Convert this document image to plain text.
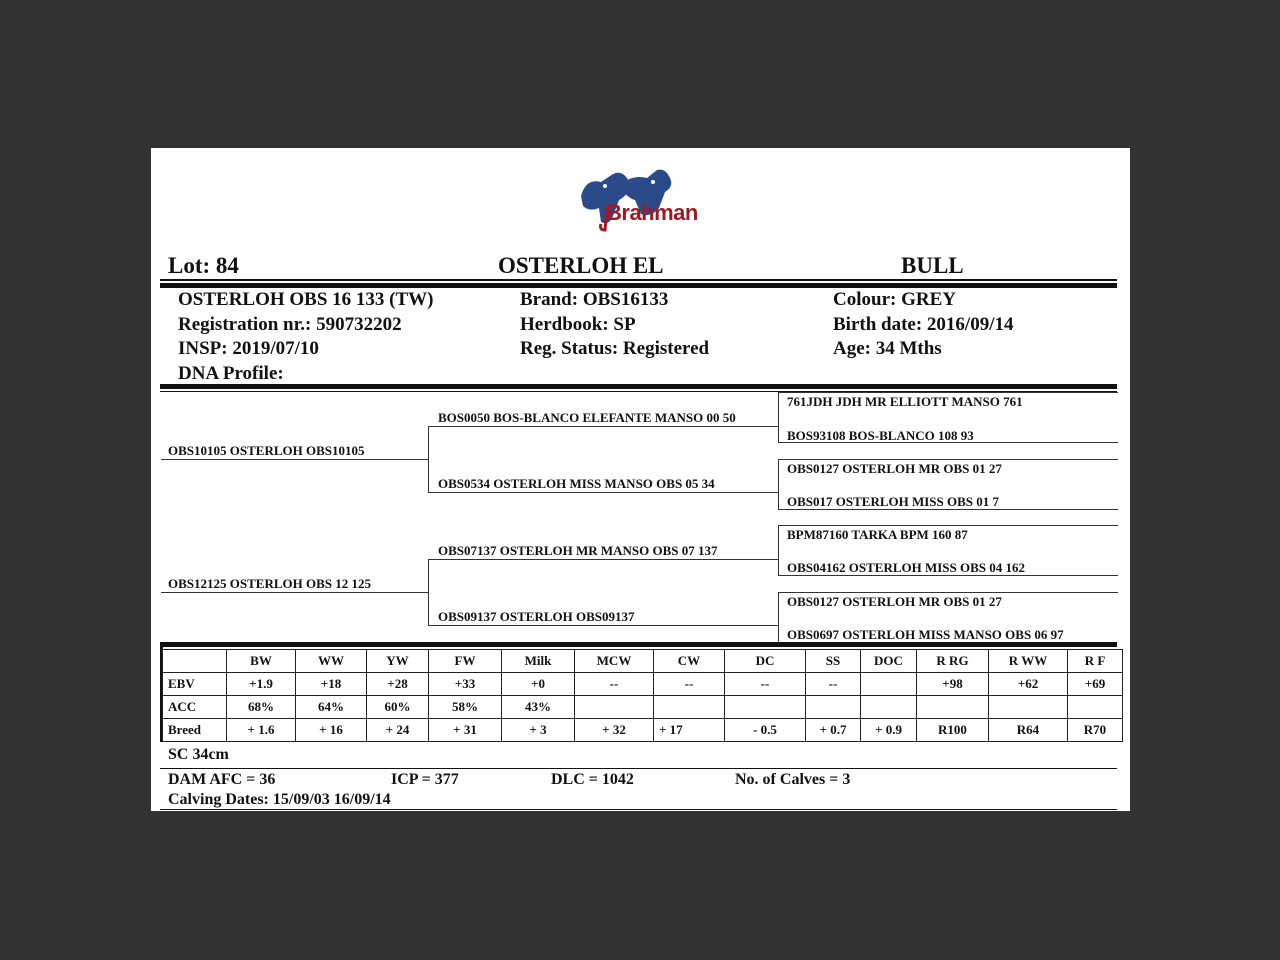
Brahman
Lot: 84	OSTERLOH EL	BULL
OSTERLOH OBS 16 133 (TW)
Registration nr.: 590732202
INSP: 2019/07/10
DNA Profile:
Brand: OBS16133
Herdbook: SP
Reg. Status: Registered
Colour: GREY
Birth date: 2016/09/14
Age: 34 Mths
OBS10105 OSTERLOH OBS10105
OBS12125 OSTERLOH OBS 12 125
BOS0050 BOS-BLANCO ELEFANTE MANSO 00 50
OBS0534 OSTERLOH MISS MANSO OBS 05 34
OBS07137 OSTERLOH MR MANSO OBS 07 137
OBS09137 OSTERLOH OBS09137
761JDH JDH MR ELLIOTT MANSO 761
BOS93108 BOS-BLANCO 108 93
OBS0127 OSTERLOH MR OBS 01 27
OBS017 OSTERLOH MISS OBS 01 7
BPM87160 TARKA BPM 160 87
OBS04162 OSTERLOH MISS OBS 04 162
OBS0127 OSTERLOH MR OBS 01 27
OBS0697 OSTERLOH MISS MANSO OBS 06 97
	BW	WW	YW	FW	Milk	MCW	CW	DC	SS	DOC	R RG	R WW	R F
EBV	+1.9	+18	+28	+33	+0	--	--	--	--		+98	+62	+69
ACC	68%	64%	60%	58%	43%								
Breed	+ 1.6	+ 16	+ 24	+ 31	+ 3	+ 32	+ 17	- 0.5	+ 0.7	+ 0.9	R100	R64	R70
SC 34cm
DAM AFC = 36	ICP = 377	DLC = 1042	No. of Calves = 3
Calving Dates: 15/09/03 16/09/14
